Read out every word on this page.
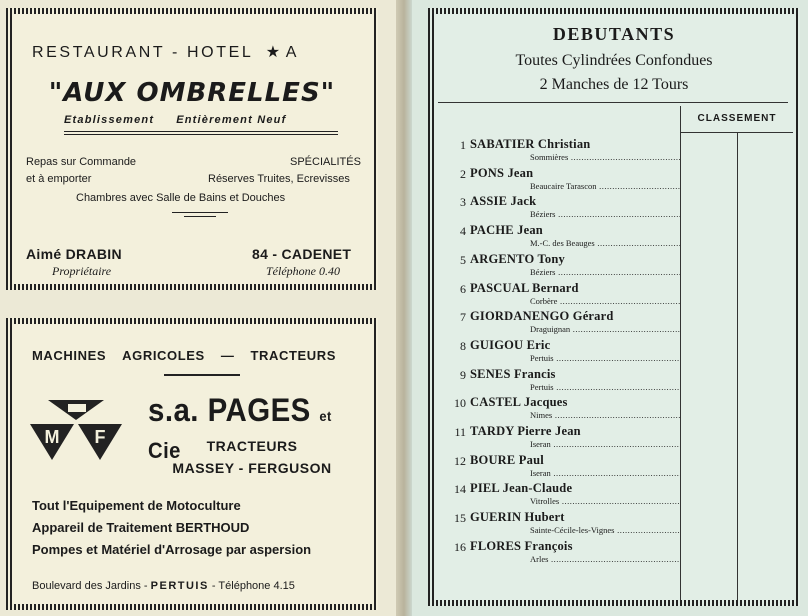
RESTAURANT - HOTEL ★ A
"AUX OMBRELLES"
Etablissement Entièrement Neuf
Repas sur Commande
et à emporter
SPÉCIALITÉS
Réserves Truites, Ecrevisses
Chambres avec Salle de Bains et Douches
Aimé DRABIN
Propriétaire
84 - CADENET
Téléphone 0.40
MACHINES AGRICOLES — TRACTEURS
M F
s.a. PAGES et Cie	TRACTEURS
MASSEY - FERGUSON
Tout l'Equipement de Motoculture
Appareil de Traitement BERTHOUD
Pompes et Matériel d'Arrosage par aspersion
Boulevard des Jardins - PERTUIS - Téléphone 4.15
DEBUTANTS
Toutes Cylindrées Confondues
2 Manches de 12 Tours
CLASSEMENT
1 SABATIER Christian
Sommières .....
2 PONS Jean
Beaucaire Tarascon .....
3 ASSIE Jack
Béziers .....
4 PACHE Jean
M.-C. des Beauges .....
5 ARGENTO Tony
Béziers .....
6 PASCUAL Bernard
Corbère .....
7 GIORDANENGO Gérard
Draguignan .....
8 GUIGOU Eric
Pertuis .....
9 SENES Francis
Pertuis .....
10 CASTEL Jacques
Nimes .....
11 TARDY Pierre Jean
Iseran .....
12 BOURE Paul
Iseran .....
14 PIEL Jean-Claude
Vitrolles .....
15 GUERIN Hubert
Sainte-Cécile-les-Vignes .....
16 FLORES François
Arles .....
